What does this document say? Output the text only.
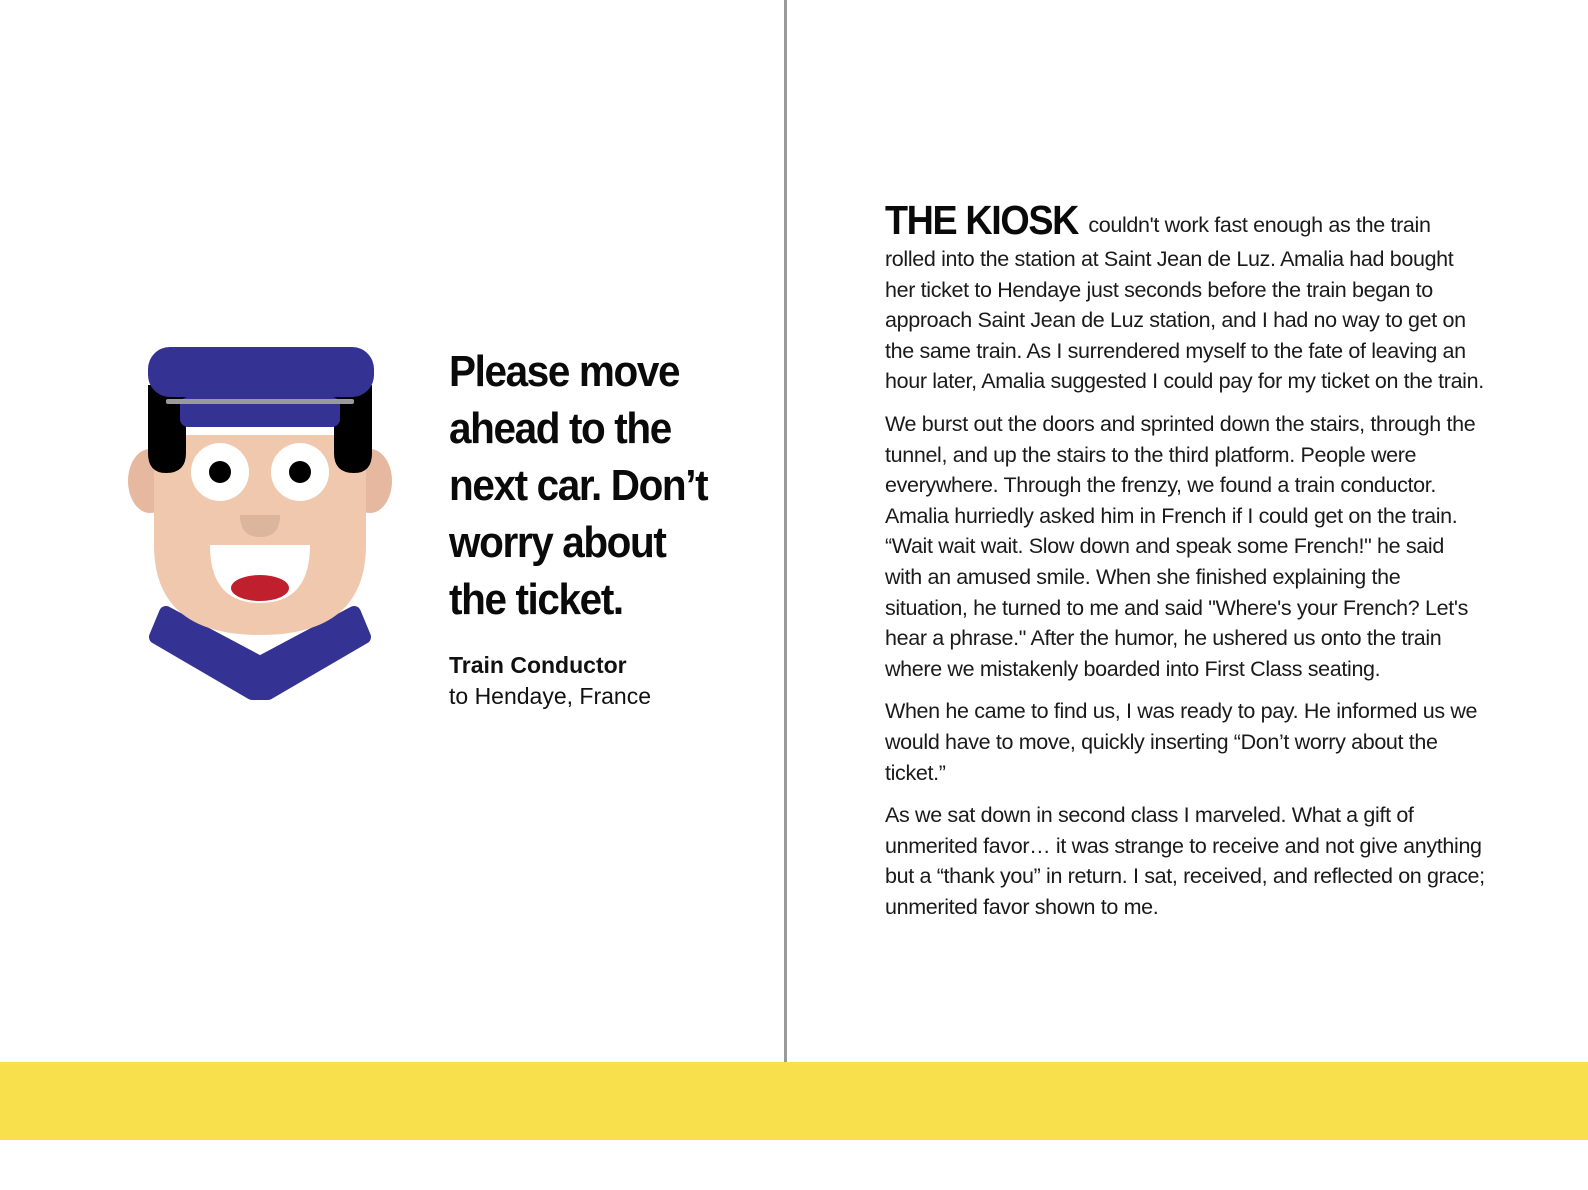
Please move
ahead to the
next car. Don’t
worry about
the ticket.
Train Conductor
to Hendaye, France

THE KIOSK couldn't work fast enough as the train rolled into the station at Saint Jean de Luz. Amalia had bought her ticket to Hendaye just seconds before the train began to approach Saint Jean de Luz station, and I had no way to get on the same train. As I surrendered myself to the fate of leaving an hour later, Amalia suggested I could pay for my ticket on the train.

We burst out the doors and sprinted down the stairs, through the tunnel, and up the stairs to the third platform. People were everywhere. Through the frenzy, we found a train conductor. Amalia hurriedly asked him in French if I could get on the train. “Wait wait wait. Slow down and speak some French!" he said with an amused smile. When she finished explaining the situation, he turned to me and said "Where's your French? Let's hear a phrase." After the humor, he ushered us onto the train where we mistakenly boarded into First Class seating.

When he came to find us, I was ready to pay. He informed us we would have to move, quickly inserting “Don’t worry about the ticket.”

As we sat down in second class I marveled. What a gift of unmerited favor… it was strange to receive and not give anything but a “thank you” in return. I sat, received, and reflected on grace; unmerited favor shown to me.
